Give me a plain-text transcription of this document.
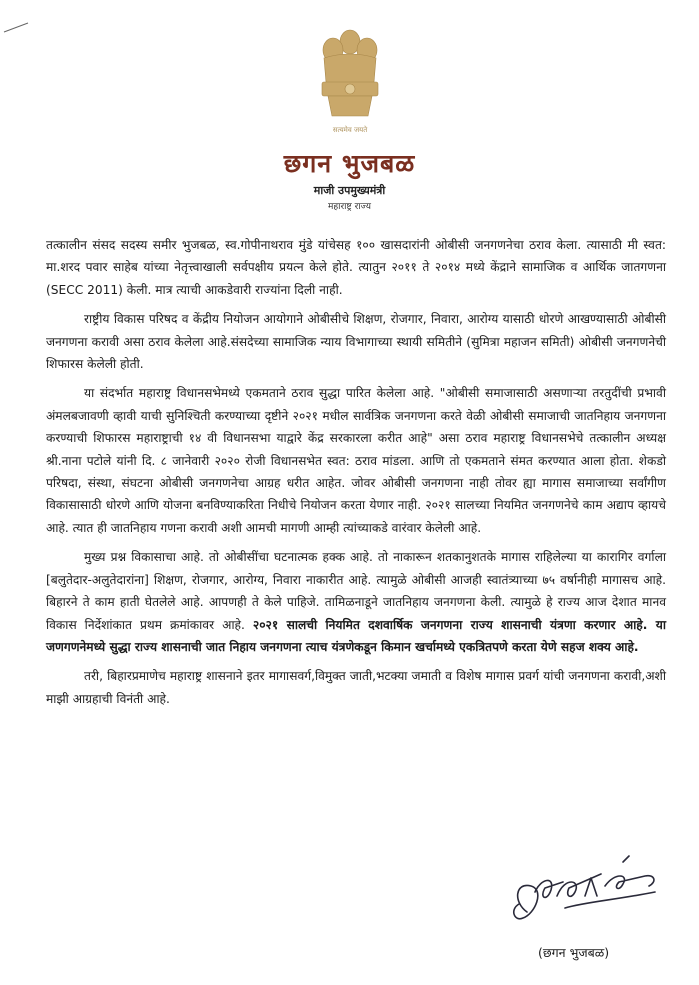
सत्यमेव जयते
छगन भुजबळ
माजी उपमुख्यमंत्री
महाराष्ट्र राज्य

तत्कालीन संसद सदस्य समीर भुजबळ, स्व.गोपीनाथराव मुंडे यांचेसह १०० खासदारांनी ओबीसी जनगणनेचा ठराव केला. त्यासाठी मी स्वत: मा.शरद पवार साहेब यांच्या नेतृत्त्वाखाली सर्वपक्षीय प्रयत्न केले होते. त्यातुन २०११ ते २०१४ मध्ये केंद्राने सामाजिक व आर्थिक जातगणना (SECC 2011) केली. मात्र त्याची आकडेवारी राज्यांना दिली नाही.

राष्ट्रीय विकास परिषद व केंद्रीय नियोजन आयोगाने ओबीसीचे शिक्षण, रोजगार, निवारा, आरोग्य यासाठी धोरणे आखण्यासाठी ओबीसी जनगणना करावी असा ठराव केलेला आहे.संसदेच्या सामाजिक न्याय विभागाच्या स्थायी समितीने (सुमित्रा महाजन समिती) ओबीसी जनगणनेची शिफारस केलेली होती.

या संदर्भात महाराष्ट्र विधानसभेमध्ये एकमताने ठराव सुद्धा पारित केलेला आहे. "ओबीसी समाजासाठी असणाऱ्या तरतुदींची प्रभावी अंमलबजावणी व्हावी याची सुनिश्चिती करण्याच्या दृष्टीने २०२१ मधील सार्वत्रिक जनगणना करते वेळी ओबीसी समाजाची जातनिहाय जनगणना करण्याची शिफारस महाराष्ट्राची १४ वी विधानसभा याद्वारे केंद्र सरकारला करीत आहे" असा ठराव महाराष्ट्र विधानसभेचे तत्कालीन अध्यक्ष श्री.नाना पटोले यांनी दि. ८ जानेवारी २०२० रोजी विधानसभेत स्वत: ठराव मांडला. आणि तो एकमताने संमत करण्यात आला होता. शेकडो परिषदा, संस्था, संघटना ओबीसी जनगणनेचा आग्रह धरीत आहेत. जोवर ओबीसी जनगणना नाही तोवर ह्या मागास समाजाच्या सर्वांगीण विकासासाठी धोरणे आणि योजना बनविण्याकरिता निधीचे नियोजन करता येणार नाही. २०२१ सालच्या नियमित जनगणनेचे काम अद्याप व्हायचे आहे. त्यात ही जातनिहाय गणना करावी अशी आमची मागणी आम्ही त्यांच्याकडे वारंवार केलेली आहे.

मुख्य प्रश्न विकासाचा आहे. तो ओबीसींचा घटनात्मक हक्क आहे. तो नाकारून शतकानुशतके मागास राहिलेल्या या कारागिर वर्गाला [बलुतेदार-अलुतेदारांना] शिक्षण, रोजगार, आरोग्य, निवारा नाकारीत आहे. त्यामुळे ओबीसी आजही स्वातंत्र्याच्या ७५ वर्षानीही मागासच आहे. बिहारने ते काम हाती घेतलेले आहे. आपणही ते केले पाहिजे. तामिळनाडूने जातनिहाय जनगणना केली. त्यामुळे हे राज्य आज देशात मानव विकास निर्देशांकात प्रथम क्रमांकावर आहे. २०२१ सालची नियमित दशवार्षिक जनगणना राज्य शासनाची यंत्रणा करणार आहे. या जणगणनेमध्ये सुद्धा राज्य शासनाची जात निहाय जनगणना त्याच यंत्रणेकडून किमान खर्चामध्ये एकत्रितपणे करता येणे सहज शक्य आहे.

तरी, बिहारप्रमाणेच महाराष्ट्र शासनाने इतर मागासवर्ग,विमुक्त जाती,भटक्या जमाती व विशेष मागास प्रवर्ग यांची जनगणना करावी,अशी माझी आग्रहाची विनंती आहे.

(छगन भुजबळ)
